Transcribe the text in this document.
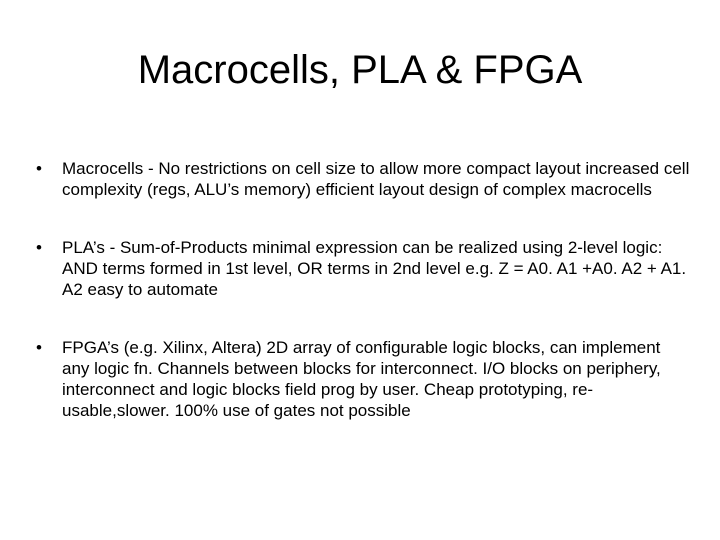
Macrocells, PLA & FPGA
•	Macrocells - No restrictions on cell size to allow more compact layout increased cell complexity (regs, ALU’s memory) efficient layout design of complex macrocells
•	PLA’s - Sum-of-Products minimal expression can be realized using 2-level logic: AND terms formed in 1st level, OR terms in 2nd level e.g. Z = A0. A1 +A0. A2 + A1. A2 easy to automate
•	FPGA’s (e.g. Xilinx, Altera) 2D array of configurable logic blocks, can implement any logic fn. Channels between blocks for interconnect. I/O blocks on periphery, interconnect and logic blocks field prog by user. Cheap prototyping, re-usable,slower. 100% use of gates not possible
